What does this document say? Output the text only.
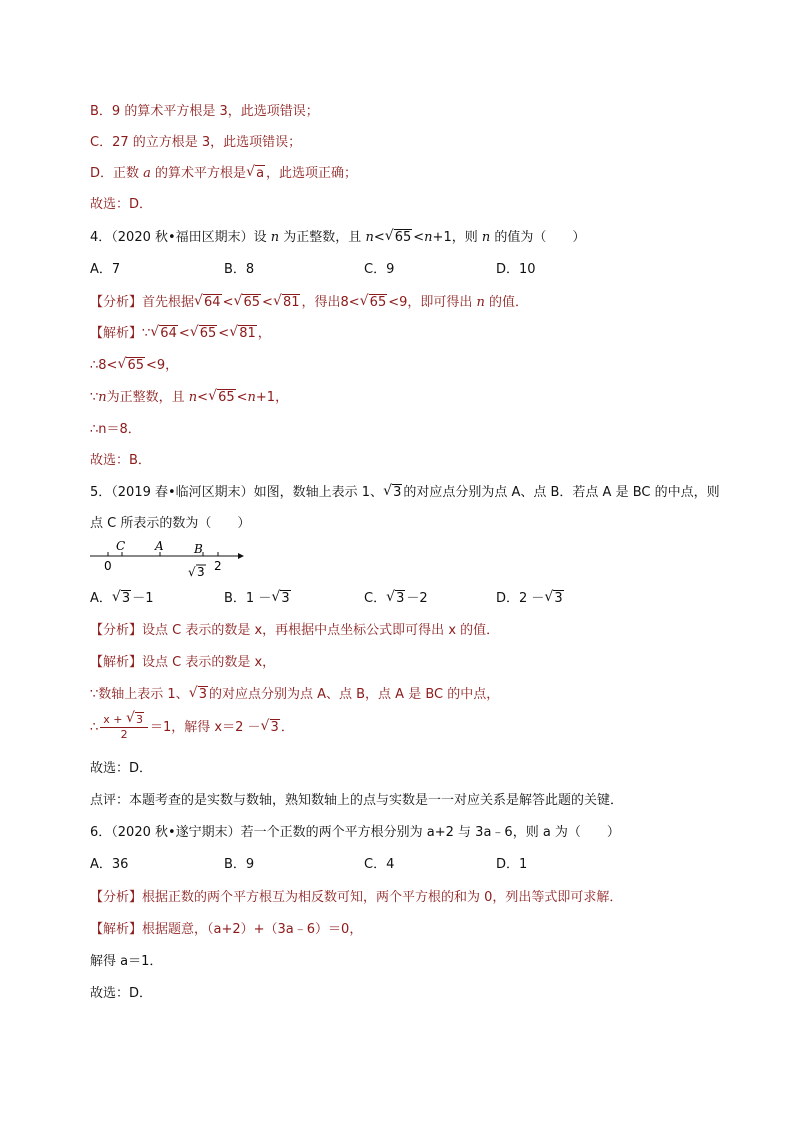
B．9 的算术平方根是 3，此选项错误；
C．27 的立方根是 3，此选项错误；
D．正数 a 的算术平方根是 √ a ，此选项正确；
故选：D．
4．（2020 秋•福田区期末）设 n 为正整数，且 n< √ 65 <n+1，则 n 的值为（　　）
A．7	B．8	C．9	D．10
【分析】首先根据 √ 64 < √ 65 < √ 81 ，得出8< √ 65 <9，即可得出 n 的值．
【解析】∵ √ 64 < √ 65 < √ 81 ，
∴8< √ 65 <9，
∵n为正整数，且 n< √ 65 <n+1，
∴n＝8．
故选：B．
5．（2019 春•临河区期末）如图，数轴上表示 1、 √ 3 的对应点分别为点 A、点 B．若点 A 是 BC 的中点，则
点 C 所表示的数为（　　）
C A	B
0	√ 3 2
A． √ 3 －1	B．1 － √ 3	C． √ 3 －2	D．2 － √ 3
【分析】设点 C 表示的数是 x，再根据中点坐标公式即可得出 x 的值．
【解析】设点 C 表示的数是 x，
∵数轴上表示 1、 √ 3 的对应点分别为点 A、点 B，点 A 是 BC 的中点，
∴ $\frac{x + √ 3}{2} =1$，解得 x＝2 － √ 3 ．
故选：D．
点评：本题考查的是实数与数轴，熟知数轴上的点与实数是一一对应关系是解答此题的关键．
6．（2020 秋•遂宁期末）若一个正数的两个平方根分别为 a+2 与 3a﹣6，则 a 为（　　）
A．36	B．9	C．4	D．1
【分析】根据正数的两个平方根互为相反数可知，两个平方根的和为 0，列出等式即可求解．
【解析】根据题意，（a+2）+（3a﹣6）＝0，
解得 a＝1．
故选：D．
